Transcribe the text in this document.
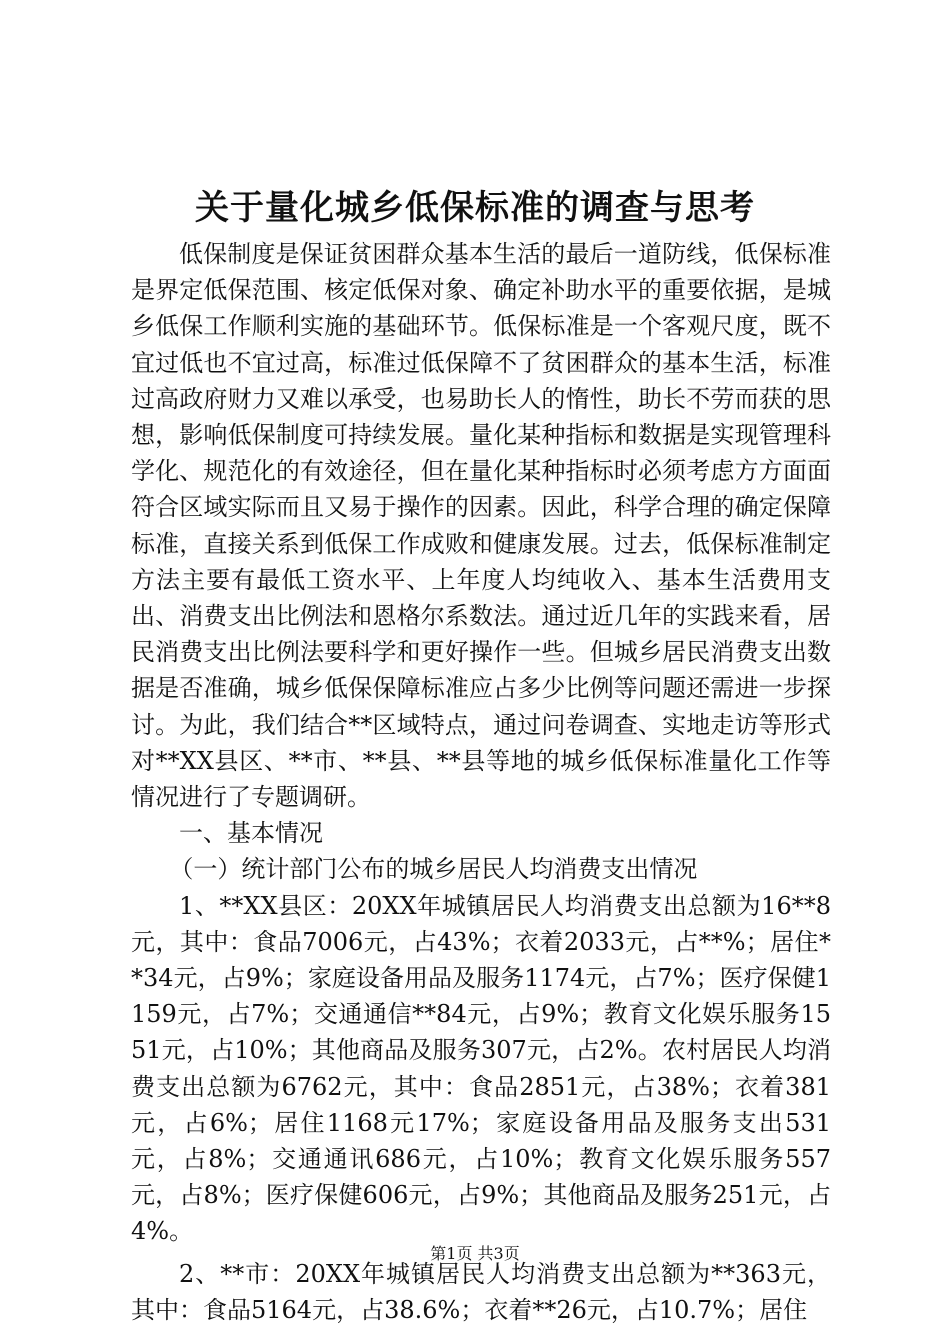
关于量化城乡低保标准的调查与思考

低保制度是保证贫困群众基本生活的最后一道防线，低保标准是界定低保范围、核定低保对象、确定补助水平的重要依据，是城乡低保工作顺利实施的基础环节。低保标准是一个客观尺度，既不宜过低也不宜过高，标准过低保障不了贫困群众的基本生活，标准过高政府财力又难以承受，也易助长人的惰性，助长不劳而获的思想，影响低保制度可持续发展。量化某种指标和数据是实现管理科学化、规范化的有效途径，但在量化某种指标时必须考虑方方面面符合区域实际而且又易于操作的因素。因此，科学合理的确定保障标准，直接关系到低保工作成败和健康发展。过去，低保标准制定方法主要有最低工资水平、上年度人均纯收入、基本生活费用支出、消费支出比例法和恩格尔系数法。通过近几年的实践来看，居民消费支出比例法要科学和更好操作一些。但城乡居民消费支出数据是否准确，城乡低保保障标准应占多少比例等问题还需进一步探讨。为此，我们结合**区域特点，通过问卷调查、实地走访等形式对**XX县区、**市、**县、**县等地的城乡低保标准量化工作等情况进行了专题调研。

一、基本情况

（一）统计部门公布的城乡居民人均消费支出情况

1、**XX县区：20XX年城镇居民人均消费支出总额为16**8元，其中：食品7006元，占43%；衣着2033元，占**%；居住**34元，占9%；家庭设备用品及服务1174元，占7%；医疗保健1159元，占7%；交通通信**84元，占9%；教育文化娱乐服务1551元，占10%；其他商品及服务307元，占2%。农村居民人均消费支出总额为6762元，其中：食品2851元，占38%；衣着381元，占6%；居住1168元17%；家庭设备用品及服务支出531元，占8%；交通通讯686元，占10%；教育文化娱乐服务557元，占8%；医疗保健606元，占9%；其他商品及服务251元，占4%。

2、**市：20XX年城镇居民人均消费支出总额为**363元，其中：食品5164元，占38.6%；衣着**26元，占10.7%；居住

第1页 共3页
